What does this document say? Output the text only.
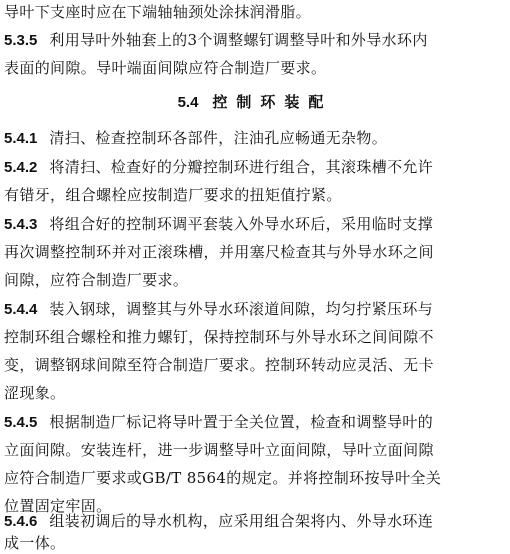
导叶下支座时应在下端轴轴颈处涂抹润滑脂。
5.3.5 利用导叶外轴套上的3个调整螺钉调整导叶和外导水环内
表面的间隙。导叶端面间隙应符合制造厂要求。
5.4 控制环装配
5.4.1 清扫、检查控制环各部件，注油孔应畅通无杂物。
5.4.2 将清扫、检查好的分瓣控制环进行组合，其滚珠槽不允许
有错牙，组合螺栓应按制造厂要求的扭矩值拧紧。
5.4.3 将组合好的控制环调平套装入外导水环后，采用临时支撑
再次调整控制环并对正滚珠槽，并用塞尺检查其与外导水环之间
间隙，应符合制造厂要求。
5.4.4 装入钢球，调整其与外导水环滚道间隙，均匀拧紧压环与
控制环组合螺栓和推力螺钉，保持控制环与外导水环之间间隙不
变，调整钢球间隙至符合制造厂要求。控制环转动应灵活、无卡
涩现象。
5.4.5 根据制造厂标记将导叶置于全关位置，检查和调整导叶的
立面间隙。安装连杆，进一步调整导叶立面间隙，导叶立面间隙
应符合制造厂要求或GB/T 8564的规定。并将控制环按导叶全关
位置固定牢固。
5.4.6 组装初调后的导水机构，应采用组合架将内、外导水环连
成一体。
